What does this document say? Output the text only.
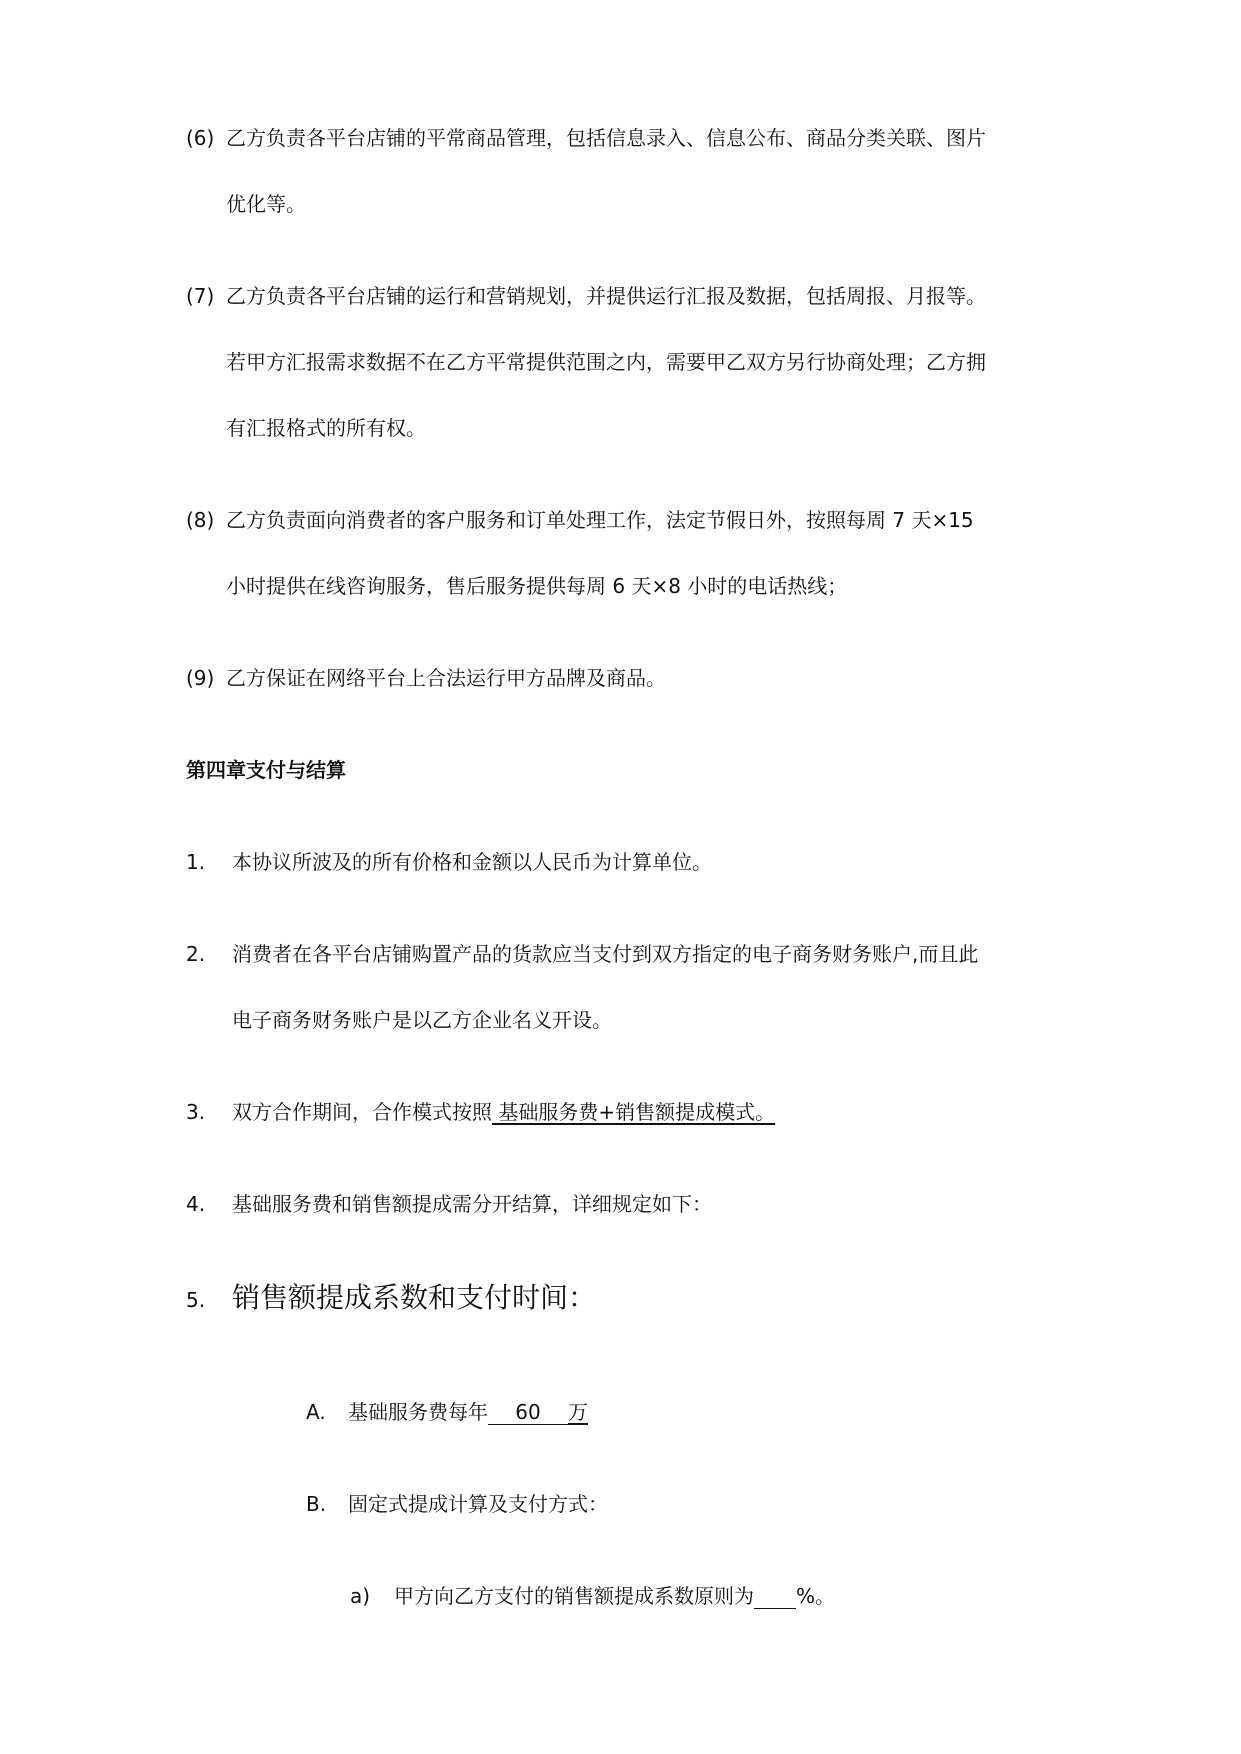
(6) 乙方负责各平台店铺的平常商品管理，包括信息录入、信息公布、商品分类关联、图片
优化等。
(7) 乙方负责各平台店铺的运行和营销规划，并提供运行汇报及数据，包括周报、月报等。
若甲方汇报需求数据不在乙方平常提供范围之内，需要甲乙双方另行协商处理；乙方拥
有汇报格式的所有权。
(8) 乙方负责面向消费者的客户服务和订单处理工作，法定节假日外，按照每周 7 天×15
小时提供在线咨询服务，售后服务提供每周 6 天×8 小时的电话热线；
(9) 乙方保证在网络平台上合法运行甲方品牌及商品。
第四章支付与结算
1. 本协议所波及的所有价格和金额以人民币为计算单位。
2. 消费者在各平台店铺购置产品的货款应当支付到双方指定的电子商务财务账户,而且此
电子商务财务账户是以乙方企业名义开设。
3. 双方合作期间，合作模式按照 基础服务费+销售额提成模式。
4. 基础服务费和销售额提成需分开结算，详细规定如下：
5. 销售额提成系数和支付时间：
A. 基础服务费每年 60 万
B. 固定式提成计算及支付方式：
a) 甲方向乙方支付的销售额提成系数原则为 %。
